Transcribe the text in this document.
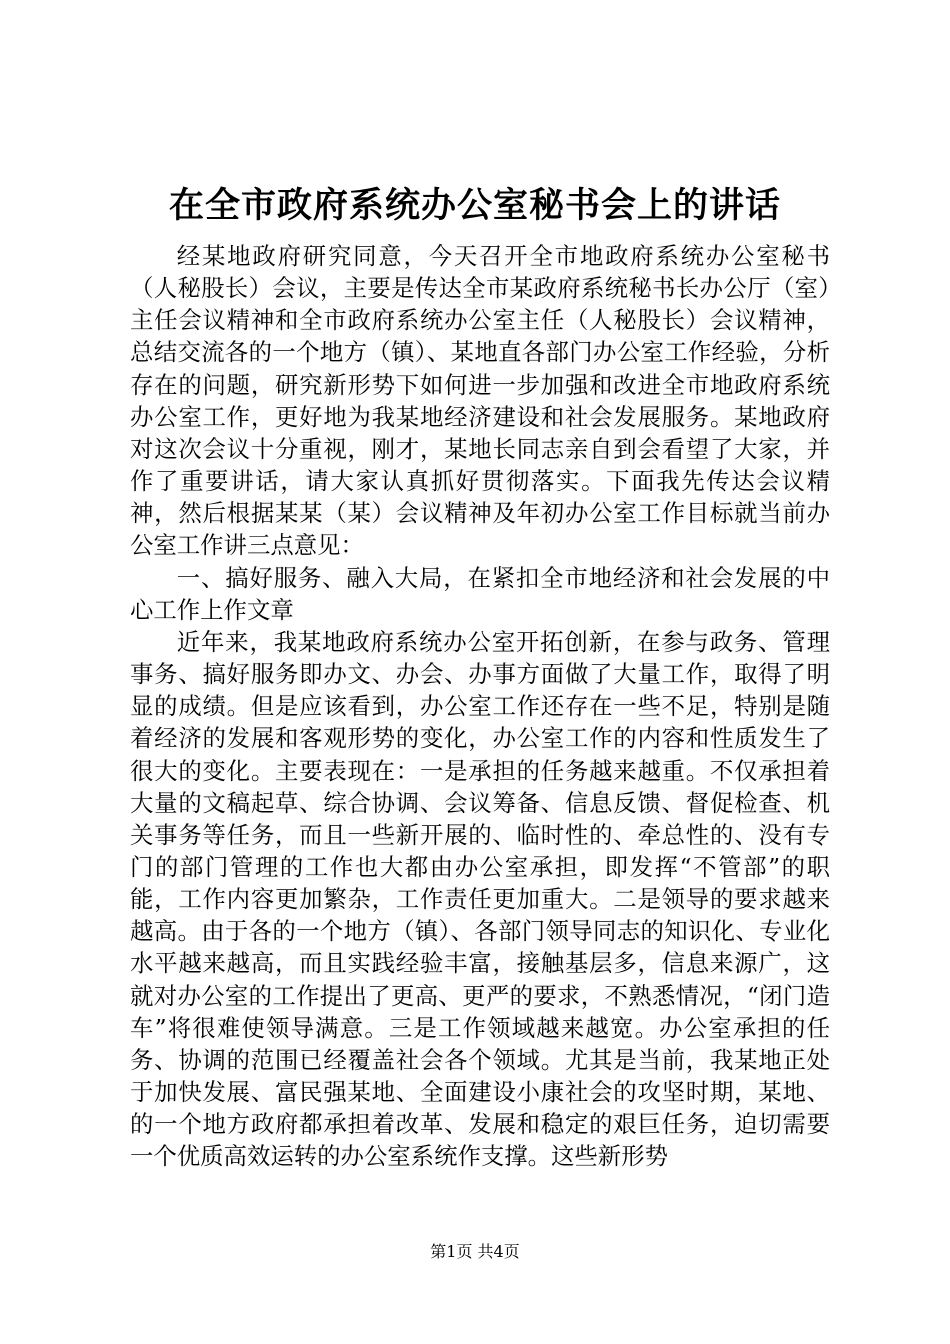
在全市政府系统办公室秘书会上的讲话

经某地政府研究同意，今天召开全市地政府系统办公室秘书（人秘股长）会议，主要是传达全市某政府系统秘书长办公厅（室）主任会议精神和全市政府系统办公室主任（人秘股长）会议精神，总结交流各的一个地方（镇）、某地直各部门办公室工作经验，分析存在的问题，研究新形势下如何进一步加强和改进全市地政府系统办公室工作，更好地为我某地经济建设和社会发展服务。某地政府对这次会议十分重视，刚才，某地长同志亲自到会看望了大家，并作了重要讲话，请大家认真抓好贯彻落实。下面我先传达会议精神，然后根据某某（某）会议精神及年初办公室工作目标就当前办公室工作讲三点意见：

一、搞好服务、融入大局，在紧扣全市地经济和社会发展的中心工作上作文章

近年来，我某地政府系统办公室开拓创新，在参与政务、管理事务、搞好服务即办文、办会、办事方面做了大量工作，取得了明显的成绩。但是应该看到，办公室工作还存在一些不足，特别是随着经济的发展和客观形势的变化，办公室工作的内容和性质发生了很大的变化。主要表现在：一是承担的任务越来越重。不仅承担着大量的文稿起草、综合协调、会议筹备、信息反馈、督促检查、机关事务等任务，而且一些新开展的、临时性的、牵总性的、没有专门的部门管理的工作也大都由办公室承担，即发挥“不管部”的职能，工作内容更加繁杂，工作责任更加重大。二是领导的要求越来越高。由于各的一个地方（镇）、各部门领导同志的知识化、专业化水平越来越高，而且实践经验丰富，接触基层多，信息来源广，这就对办公室的工作提出了更高、更严的要求，不熟悉情况，“闭门造车”将很难使领导满意。三是工作领域越来越宽。办公室承担的任务、协调的范围已经覆盖社会各个领域。尤其是当前，我某地正处于加快发展、富民强某地、全面建设小康社会的攻坚时期，某地、的一个地方政府都承担着改革、发展和稳定的艰巨任务，迫切需要一个优质高效运转的办公室系统作支撑。这些新形势

第1页 共4页
